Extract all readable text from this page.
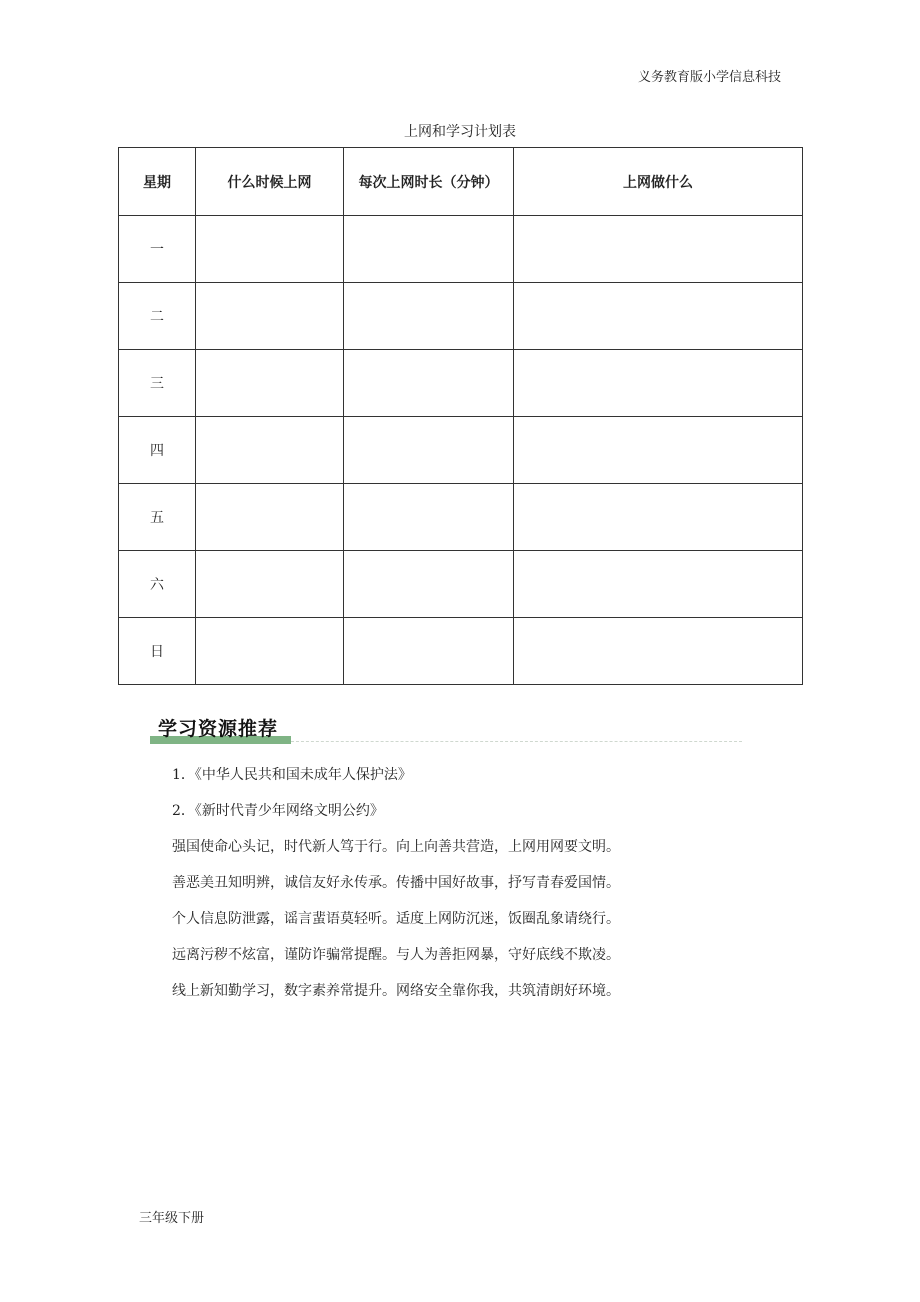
义务教育版小学信息科技
上网和学习计划表
星期	什么时候上网	每次上网时长（分钟）	上网做什么
一			
二			
三			
四			
五			
六			
日			
学习资源推荐
1．《中华人民共和国未成年人保护法》
2．《新时代青少年网络文明公约》
强国使命心头记，时代新人笃于行。向上向善共营造，上网用网要文明。
善恶美丑知明辨，诚信友好永传承。传播中国好故事，抒写青春爱国情。
个人信息防泄露，谣言蜚语莫轻听。适度上网防沉迷，饭圈乱象请绕行。
远离污秽不炫富，谨防诈骗常提醒。与人为善拒网暴，守好底线不欺凌。
线上新知勤学习，数字素养常提升。网络安全靠你我，共筑清朗好环境。
三年级下册
